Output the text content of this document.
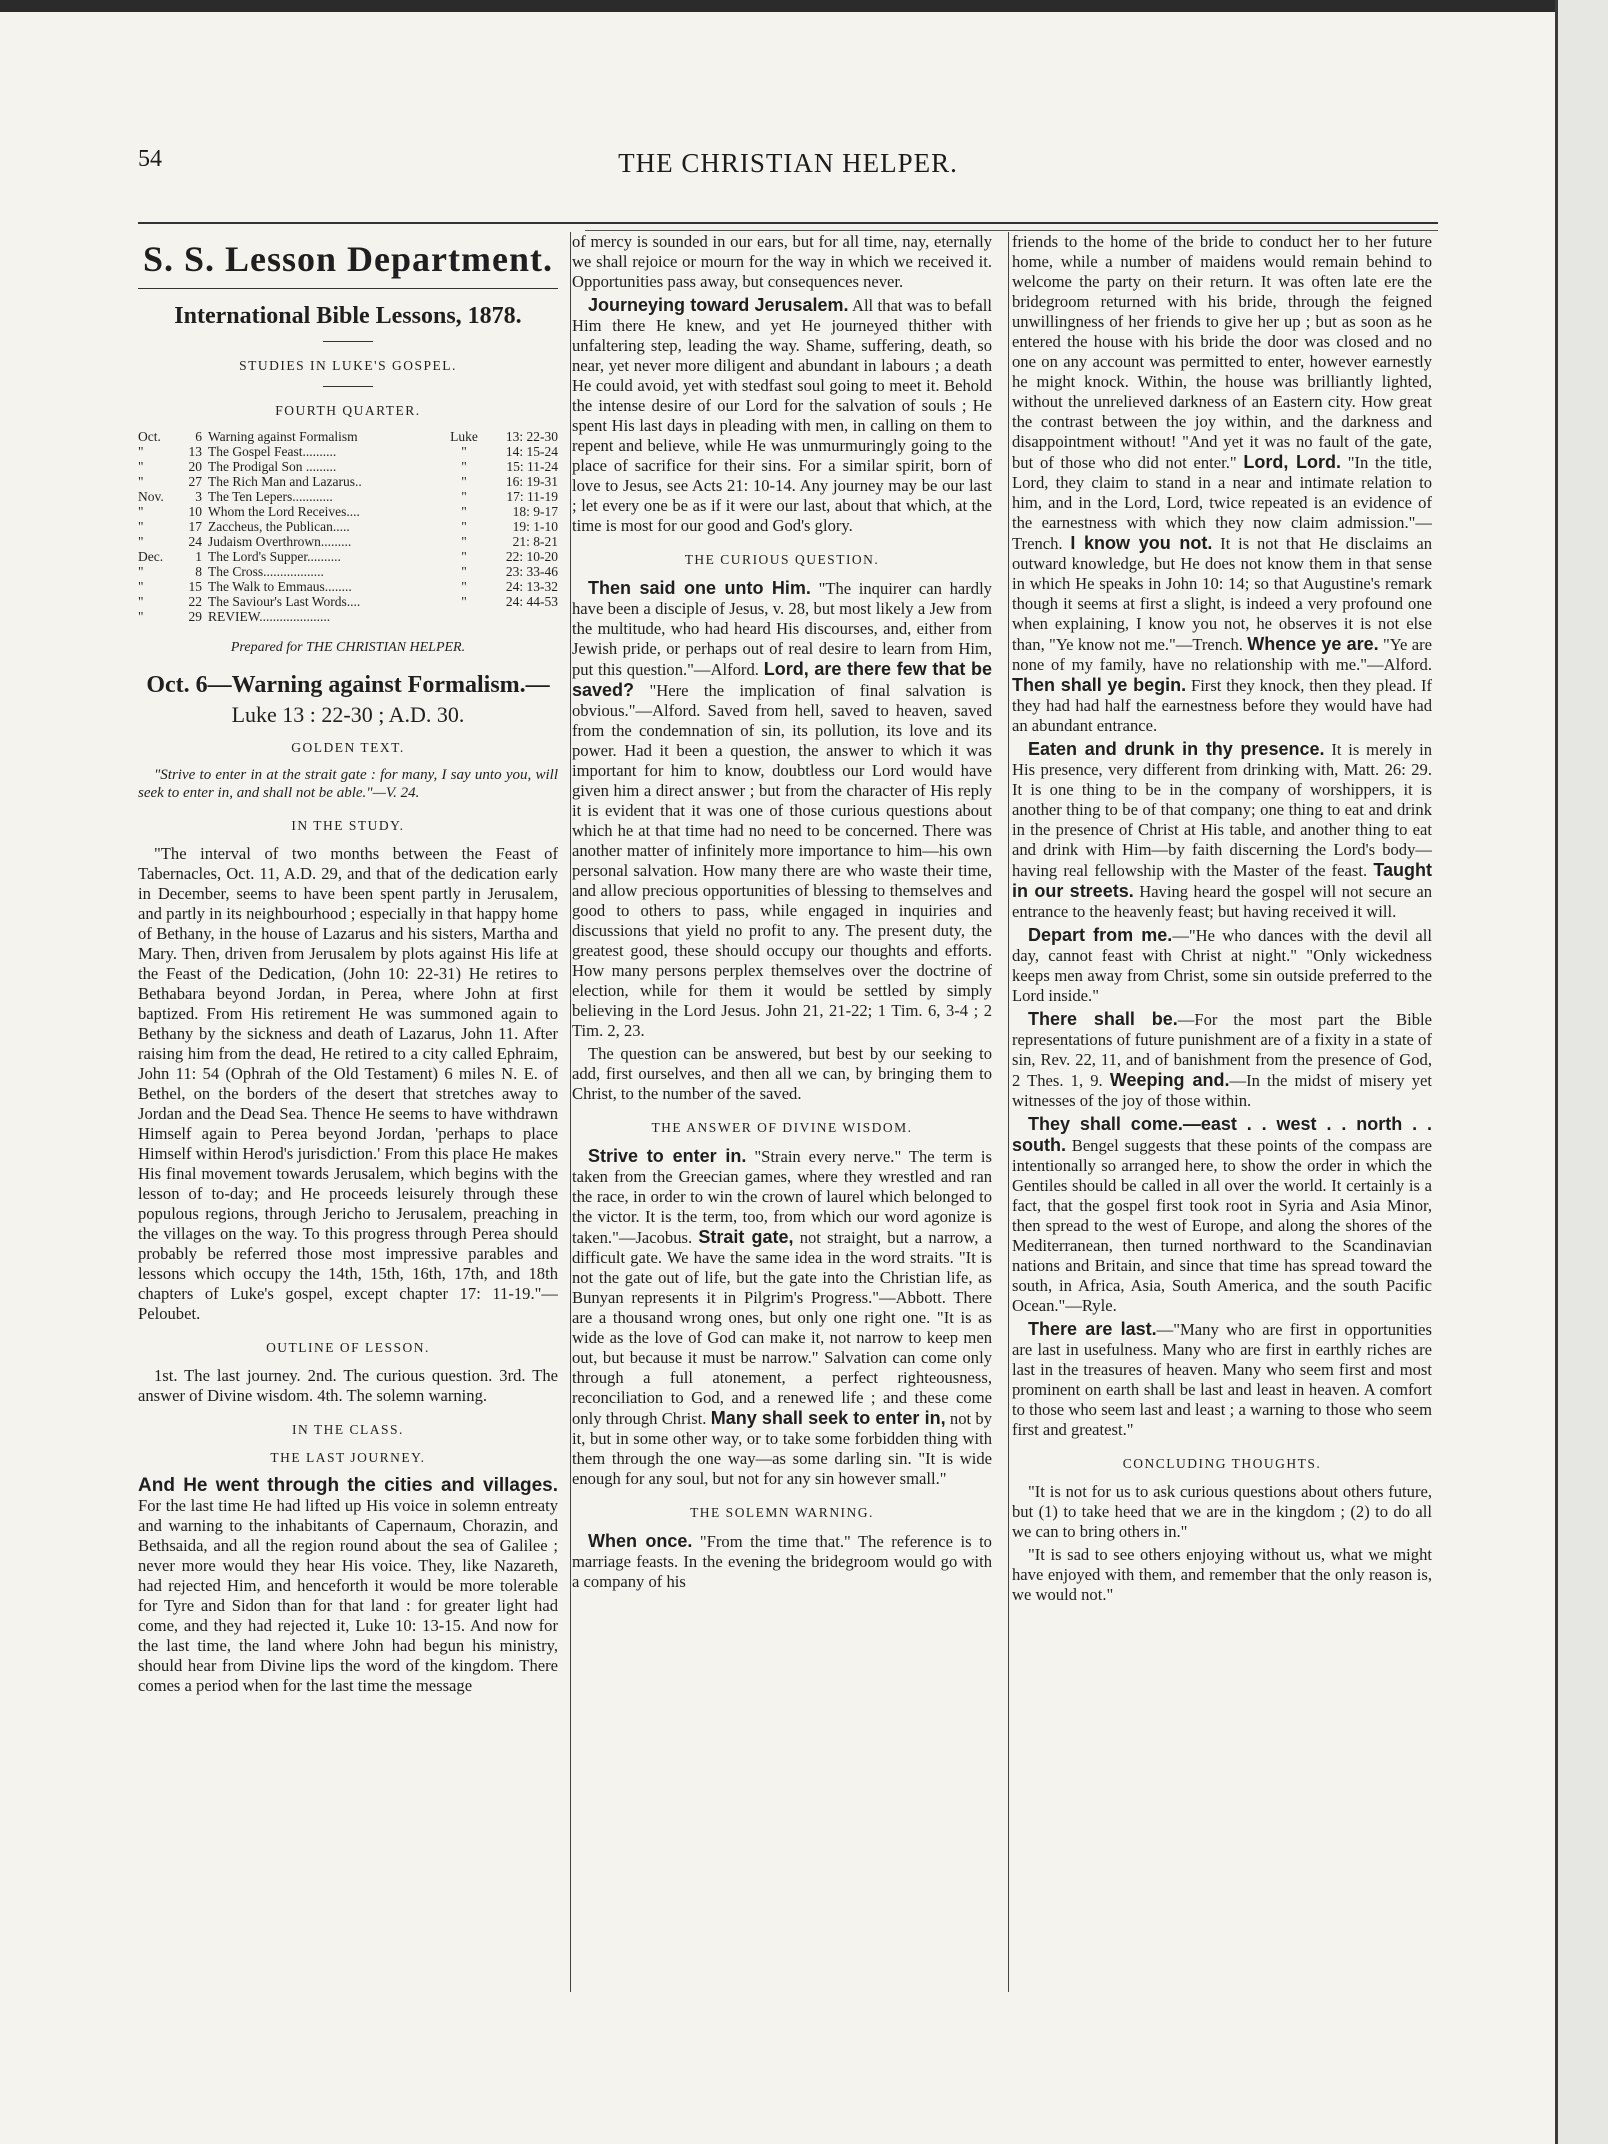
54	THE CHRISTIAN HELPER.
S. S. Lesson Department.
International Bible Lessons, 1878.
STUDIES IN LUKE'S GOSPEL.
FOURTH QUARTER.
Oct.	6	Warning against Formalism	Luke	13: 22-30
"	13	The Gospel Feast..........	"	14: 15-24
"	20	The Prodigal Son .........	"	15: 11-24
"	27	The Rich Man and Lazarus..	"	16: 19-31
Nov.	3	The Ten Lepers............	"	17: 11-19
"	10	Whom the Lord Receives....	"	18: 9-17
"	17	Zaccheus, the Publican.....	"	19: 1-10
"	24	Judaism Overthrown.........	"	21: 8-21
Dec.	1	The Lord's Supper..........	"	22: 10-20
"	8	The Cross..................	"	23: 33-46
"	15	The Walk to Emmaus........	"	24: 13-32
"	22	The Saviour's Last Words....	"	24: 44-53
"	29	REVIEW.....................		
Prepared for THE CHRISTIAN HELPER.
Oct. 6—Warning against Formalism.—
Luke 13 : 22-30 ; A.D. 30.
GOLDEN TEXT.

"Strive to enter in at the strait gate : for many, I say unto you, will seek to enter in, and shall not be able."—V. 24.

IN THE STUDY.

"The interval of two months between the Feast of Tabernacles, Oct. 11, A.D. 29, and that of the dedication early in December, seems to have been spent partly in Jerusalem, and partly in its neighbourhood ; especially in that happy home of Bethany, in the house of Lazarus and his sisters, Martha and Mary. Then, driven from Jerusalem by plots against His life at the Feast of the Dedication, (John 10: 22-31) He retires to Bethabara beyond Jordan, in Perea, where John at first baptized. From His retirement He was summoned again to Bethany by the sickness and death of Lazarus, John 11. After raising him from the dead, He retired to a city called Ephraim, John 11: 54 (Ophrah of the Old Testament) 6 miles N. E. of Bethel, on the borders of the desert that stretches away to Jordan and the Dead Sea. Thence He seems to have withdrawn Himself again to Perea beyond Jordan, 'perhaps to place Himself within Herod's jurisdiction.' From this place He makes His final movement towards Jerusalem, which begins with the lesson of to-day; and He proceeds leisurely through these populous regions, through Jericho to Jerusalem, preaching in the villages on the way. To this progress through Perea should probably be referred those most impressive parables and lessons which occupy the 14th, 15th, 16th, 17th, and 18th chapters of Luke's gospel, except chapter 17: 11-19."—Peloubet.

OUTLINE OF LESSON.

1st. The last journey. 2nd. The curious question. 3rd. The answer of Divine wisdom. 4th. The solemn warning.

IN THE CLASS.
THE LAST JOURNEY.

And He went through the cities and villages. For the last time He had lifted up His voice in solemn entreaty and warning to the inhabitants of Capernaum, Chorazin, and Bethsaida, and all the region round about the sea of Galilee ; never more would they hear His voice. They, like Nazareth, had rejected Him, and henceforth it would be more tolerable for Tyre and Sidon than for that land : for greater light had come, and they had rejected it, Luke 10: 13-15. And now for the last time, the land where John had begun his ministry, should hear from Divine lips the word of the kingdom. There comes a period when for the last time the message

of mercy is sounded in our ears, but for all time, nay, eternally we shall rejoice or mourn for the way in which we received it. Opportunities pass away, but consequences never.

Journeying toward Jerusalem. All that was to befall Him there He knew, and yet He journeyed thither with unfaltering step, leading the way. Shame, suffering, death, so near, yet never more diligent and abundant in labours ; a death He could avoid, yet with stedfast soul going to meet it. Behold the intense desire of our Lord for the salvation of souls ; He spent His last days in pleading with men, in calling on them to repent and believe, while He was unmurmuringly going to the place of sacrifice for their sins. For a similar spirit, born of love to Jesus, see Acts 21: 10-14. Any journey may be our last ; let every one be as if it were our last, about that which, at the time is most for our good and God's glory.

THE CURIOUS QUESTION.

Then said one unto Him. "The inquirer can hardly have been a disciple of Jesus, v. 28, but most likely a Jew from the multitude, who had heard His discourses, and, either from Jewish pride, or perhaps out of real desire to learn from Him, put this question."—Alford. Lord, are there few that be saved? "Here the implication of final salvation is obvious."—Alford. Saved from hell, saved to heaven, saved from the condemnation of sin, its pollution, its love and its power. Had it been a question, the answer to which it was important for him to know, doubtless our Lord would have given him a direct answer ; but from the character of His reply it is evident that it was one of those curious questions about which he at that time had no need to be concerned. There was another matter of infinitely more importance to him—his own personal salvation. How many there are who waste their time, and allow precious opportunities of blessing to themselves and good to others to pass, while engaged in inquiries and discussions that yield no profit to any. The present duty, the greatest good, these should occupy our thoughts and efforts. How many persons perplex themselves over the doctrine of election, while for them it would be settled by simply believing in the Lord Jesus. John 21, 21-22; 1 Tim. 6, 3-4 ; 2 Tim. 2, 23.

The question can be answered, but best by our seeking to add, first ourselves, and then all we can, by bringing them to Christ, to the number of the saved.

THE ANSWER OF DIVINE WISDOM.

Strive to enter in. "Strain every nerve." The term is taken from the Greecian games, where they wrestled and ran the race, in order to win the crown of laurel which belonged to the victor. It is the term, too, from which our word agonize is taken."—Jacobus. Strait gate, not straight, but a narrow, a difficult gate. We have the same idea in the word straits. "It is not the gate out of life, but the gate into the Christian life, as Bunyan represents it in Pilgrim's Progress."—Abbott. There are a thousand wrong ones, but only one right one. "It is as wide as the love of God can make it, not narrow to keep men out, but because it must be narrow." Salvation can come only through a full atonement, a perfect righteousness, reconciliation to God, and a renewed life ; and these come only through Christ. Many shall seek to enter in, not by it, but in some other way, or to take some forbidden thing with them through the one way—as some darling sin. "It is wide enough for any soul, but not for any sin however small."

THE SOLEMN WARNING.

When once. "From the time that." The reference is to marriage feasts. In the evening the bridegroom would go with a company of his

friends to the home of the bride to conduct her to her future home, while a number of maidens would remain behind to welcome the party on their return. It was often late ere the bridegroom returned with his bride, through the feigned unwillingness of her friends to give her up ; but as soon as he entered the house with his bride the door was closed and no one on any account was permitted to enter, however earnestly he might knock. Within, the house was brilliantly lighted, without the unrelieved darkness of an Eastern city. How great the contrast between the joy within, and the darkness and disappointment without! "And yet it was no fault of the gate, but of those who did not enter." Lord, Lord. "In the title, Lord, they claim to stand in a near and intimate relation to him, and in the Lord, Lord, twice repeated is an evidence of the earnestness with which they now claim admission."—Trench. I know you not. It is not that He disclaims an outward knowledge, but He does not know them in that sense in which He speaks in John 10: 14; so that Augustine's remark though it seems at first a slight, is indeed a very profound one when explaining, I know you not, he observes it is not else than, "Ye know not me."—Trench. Whence ye are. "Ye are none of my family, have no relationship with me."—Alford. Then shall ye begin. First they knock, then they plead. If they had had half the earnestness before they would have had an abundant entrance.

Eaten and drunk in thy presence. It is merely in His presence, very different from drinking with, Matt. 26: 29. It is one thing to be in the company of worshippers, it is another thing to be of that company; one thing to eat and drink in the presence of Christ at His table, and another thing to eat and drink with Him—by faith discerning the Lord's body—having real fellowship with the Master of the feast. Taught in our streets. Having heard the gospel will not secure an entrance to the heavenly feast; but having received it will.

Depart from me.—"He who dances with the devil all day, cannot feast with Christ at night." "Only wickedness keeps men away from Christ, some sin outside preferred to the Lord inside."

There shall be.—For the most part the Bible representations of future punishment are of a fixity in a state of sin, Rev. 22, 11, and of banishment from the presence of God, 2 Thes. 1, 9. Weeping and.—In the midst of misery yet witnesses of the joy of those within.

They shall come.—east . . west . . north . . south. Bengel suggests that these points of the compass are intentionally so arranged here, to show the order in which the Gentiles should be called in all over the world. It certainly is a fact, that the gospel first took root in Syria and Asia Minor, then spread to the west of Europe, and along the shores of the Mediterranean, then turned northward to the Scandinavian nations and Britain, and since that time has spread toward the south, in Africa, Asia, South America, and the south Pacific Ocean."—Ryle.

There are last.—"Many who are first in opportunities are last in usefulness. Many who are first in earthly riches are last in the treasures of heaven. Many who seem first and most prominent on earth shall be last and least in heaven. A comfort to those who seem last and least ; a warning to those who seem first and greatest."

CONCLUDING THOUGHTS.

"It is not for us to ask curious questions about others future, but (1) to take heed that we are in the kingdom ; (2) to do all we can to bring others in."

"It is sad to see others enjoying without us, what we might have enjoyed with them, and remember that the only reason is, we would not."
